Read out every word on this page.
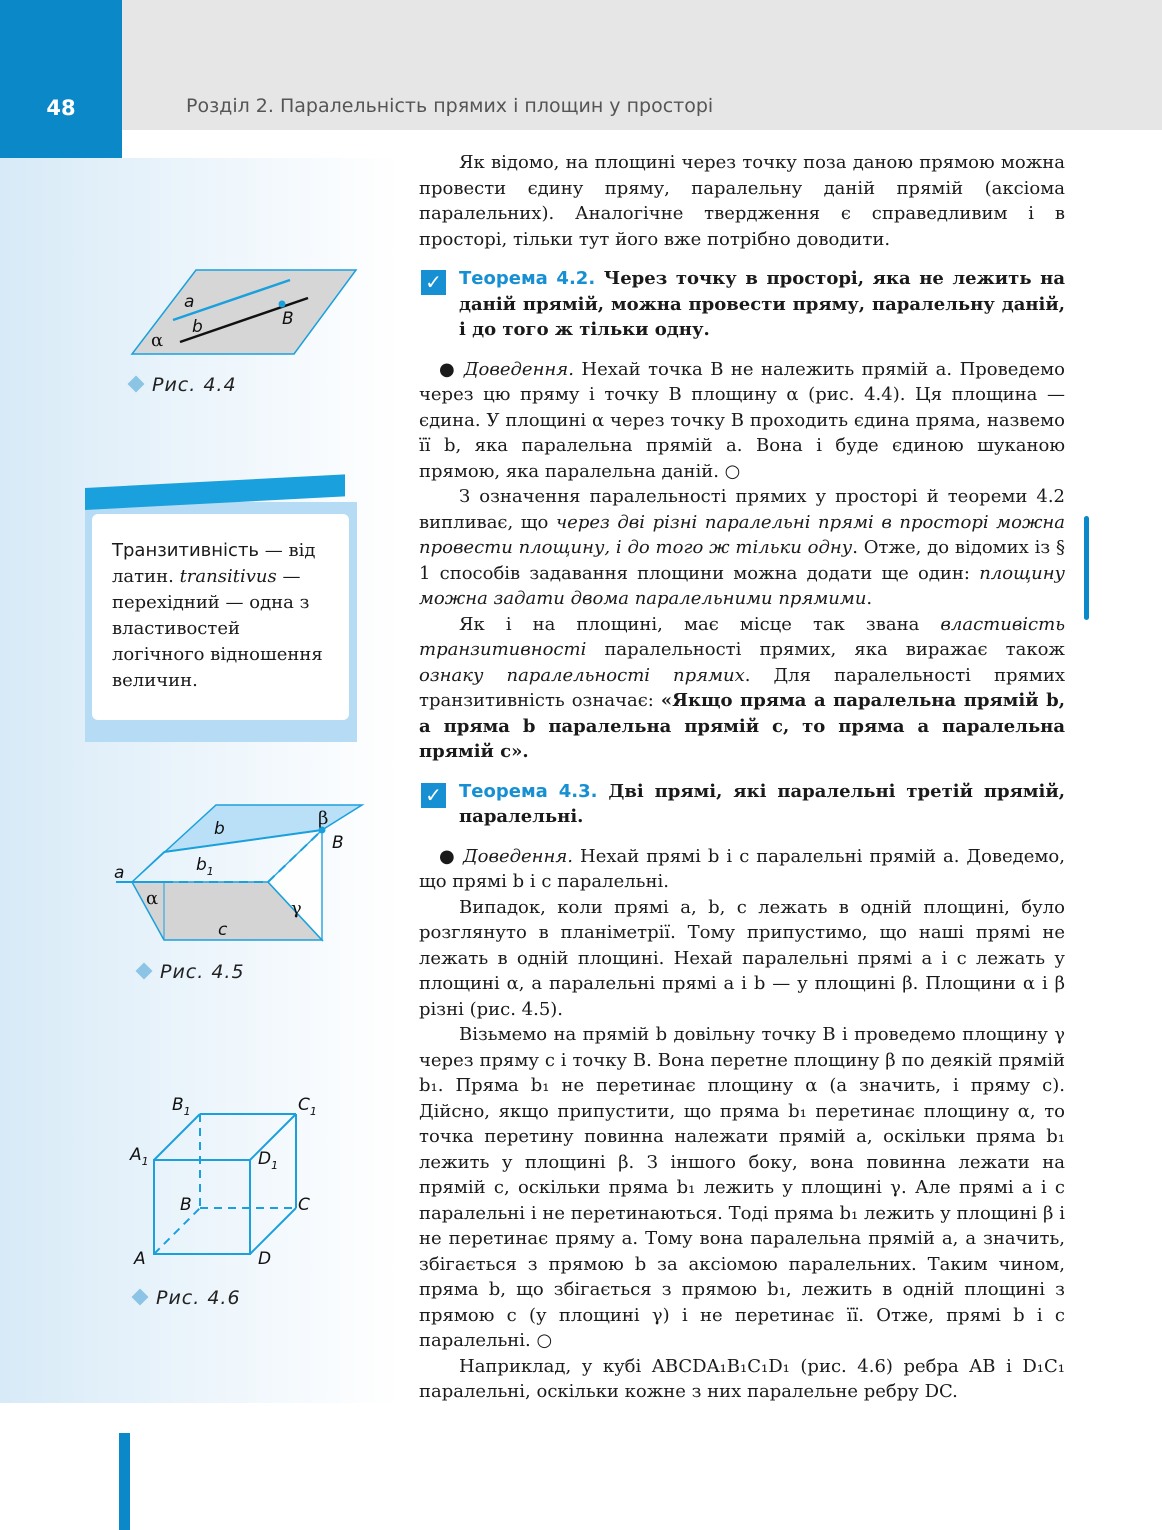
48	Розділ 2. Паралельність прямих і площин у просторі
a
b	B
α
Рис. 4.4

Транзитивність — від латин. transitivus — перехідний — одна з властивостей логічного відношення величин.

b
$b_1$
a
c
B
α
β
γ
Рис. 4.5
$B_1$	$C_1$
$A_1$	$D_1$
B	C
A	D
Рис. 4.6

Як відомо, на площині через точку поза даною прямою можна провести єдину пряму, паралельну даній прямій (аксіома паралельних). Аналогічне твердження є справедливим і в просторі, тільки тут його вже потрібно доводити.

✓ Теорема 4.2. Через точку в просторі, яка не лежить на даній прямій, можна провести пряму, паралельну даній, і до того ж тільки одну.

● Доведення. Нехай точка B не належить прямій a. Проведемо через цю пряму і точку B площину α (рис. 4.4). Ця площина — єдина. У площині α через точку B проходить єдина пряма, назвемо її b, яка паралельна прямій a. Вона і буде єдиною шуканою прямою, яка паралельна даній. ○

З означення паралельності прямих у просторі й теореми 4.2 випливає, що через дві різні паралельні прямі в просторі можна провести площину, і до того ж тільки одну. Отже, до відомих із § 1 способів задавання площини можна додати ще один: площину можна задати двома паралельними прямими.

Як і на площині, має місце так звана властивість транзитивності паралельності прямих, яка виражає також ознаку паралельності прямих. Для паралельності прямих транзитивність означає: «Якщо пряма a паралельна прямій b, а пряма b паралельна прямій c, то пряма a паралельна прямій c».

✓ Теорема 4.3. Дві прямі, які паралельні третій прямій, паралельні.

● Доведення. Нехай прямі b і c паралельні прямій a. Доведемо, що прямі b і c паралельні.

Випадок, коли прямі a, b, c лежать в одній площині, було розглянуто в планіметрії. Тому припустимо, що наші прямі не лежать в одній площині. Нехай паралельні прямі a і c лежать у площині α, а паралельні прямі a і b — у площині β. Площини α і β різні (рис. 4.5).

Візьмемо на прямій b довільну точку B і проведемо площину γ через пряму c і точку B. Вона перетне площину β по деякій прямій b₁. Пряма b₁ не перетинає площину α (а значить, і пряму c). Дійсно, якщо припустити, що пряма b₁ перетинає площину α, то точка перетину повинна належати прямій a, оскільки пряма b₁ лежить у площині β. З іншого боку, вона повинна лежати на прямій c, оскільки пряма b₁ лежить у площині γ. Але прямі a і c паралельні і не перетинаються. Тоді пряма b₁ лежить у площині β і не перетинає пряму a. Тому вона паралельна прямій a, а значить, збігається з прямою b за аксіомою паралельних. Таким чином, пряма b, що збігається з прямою b₁, лежить в одній площині з прямою c (у площині γ) і не перетинає її. Отже, прямі b і c паралельні. ○

Наприклад, у кубі ABCDA₁B₁C₁D₁ (рис. 4.6) ребра AB і D₁C₁ паралельні, оскільки кожне з них паралельне ребру DC.
